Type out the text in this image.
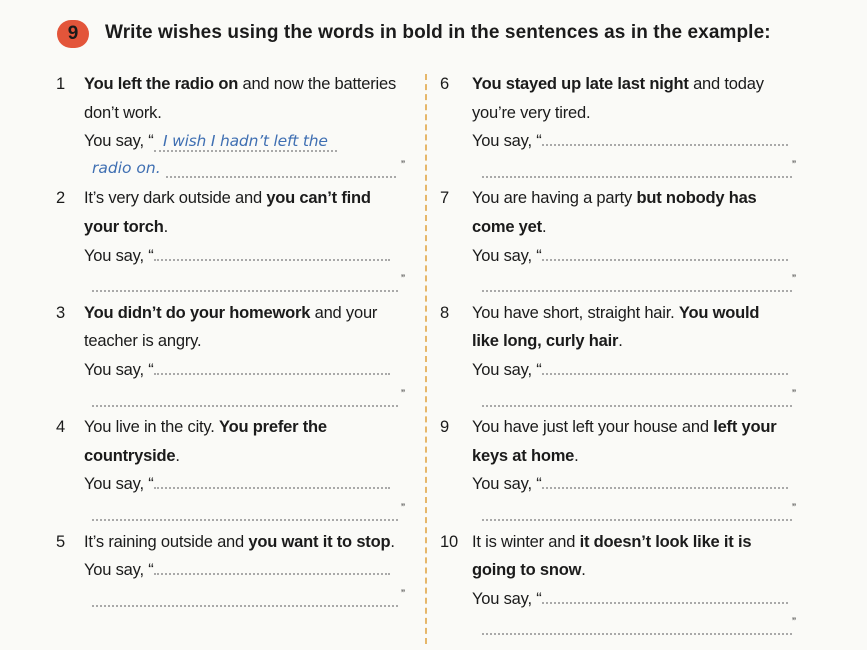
9	Write wishes using the words in bold in the sentences as in the example:
1 You left the radio on and now the batteries
don’t work.
You say, “  I wish I hadn’t left the
radio on.	”
2 It’s very dark outside and you can’t find
your torch.
You say, “
”
3 You didn’t do your homework and your
teacher is angry.
You say, “
”
4 You live in the city. You prefer the
countryside.
You say, “
”
5 It’s raining outside and you want it to stop.
You say, “
”
6 You stayed up late last night and today
you’re very tired.
You say, “
”
7 You are having a party but nobody has
come yet.
You say, “
”
8 You have short, straight hair. You would
like long, curly hair.
You say, “
”
9 You have just left your house and left your
keys at home.
You say, “
”
10 It is winter and it doesn’t look like it is
going to snow.
You say, “
”
